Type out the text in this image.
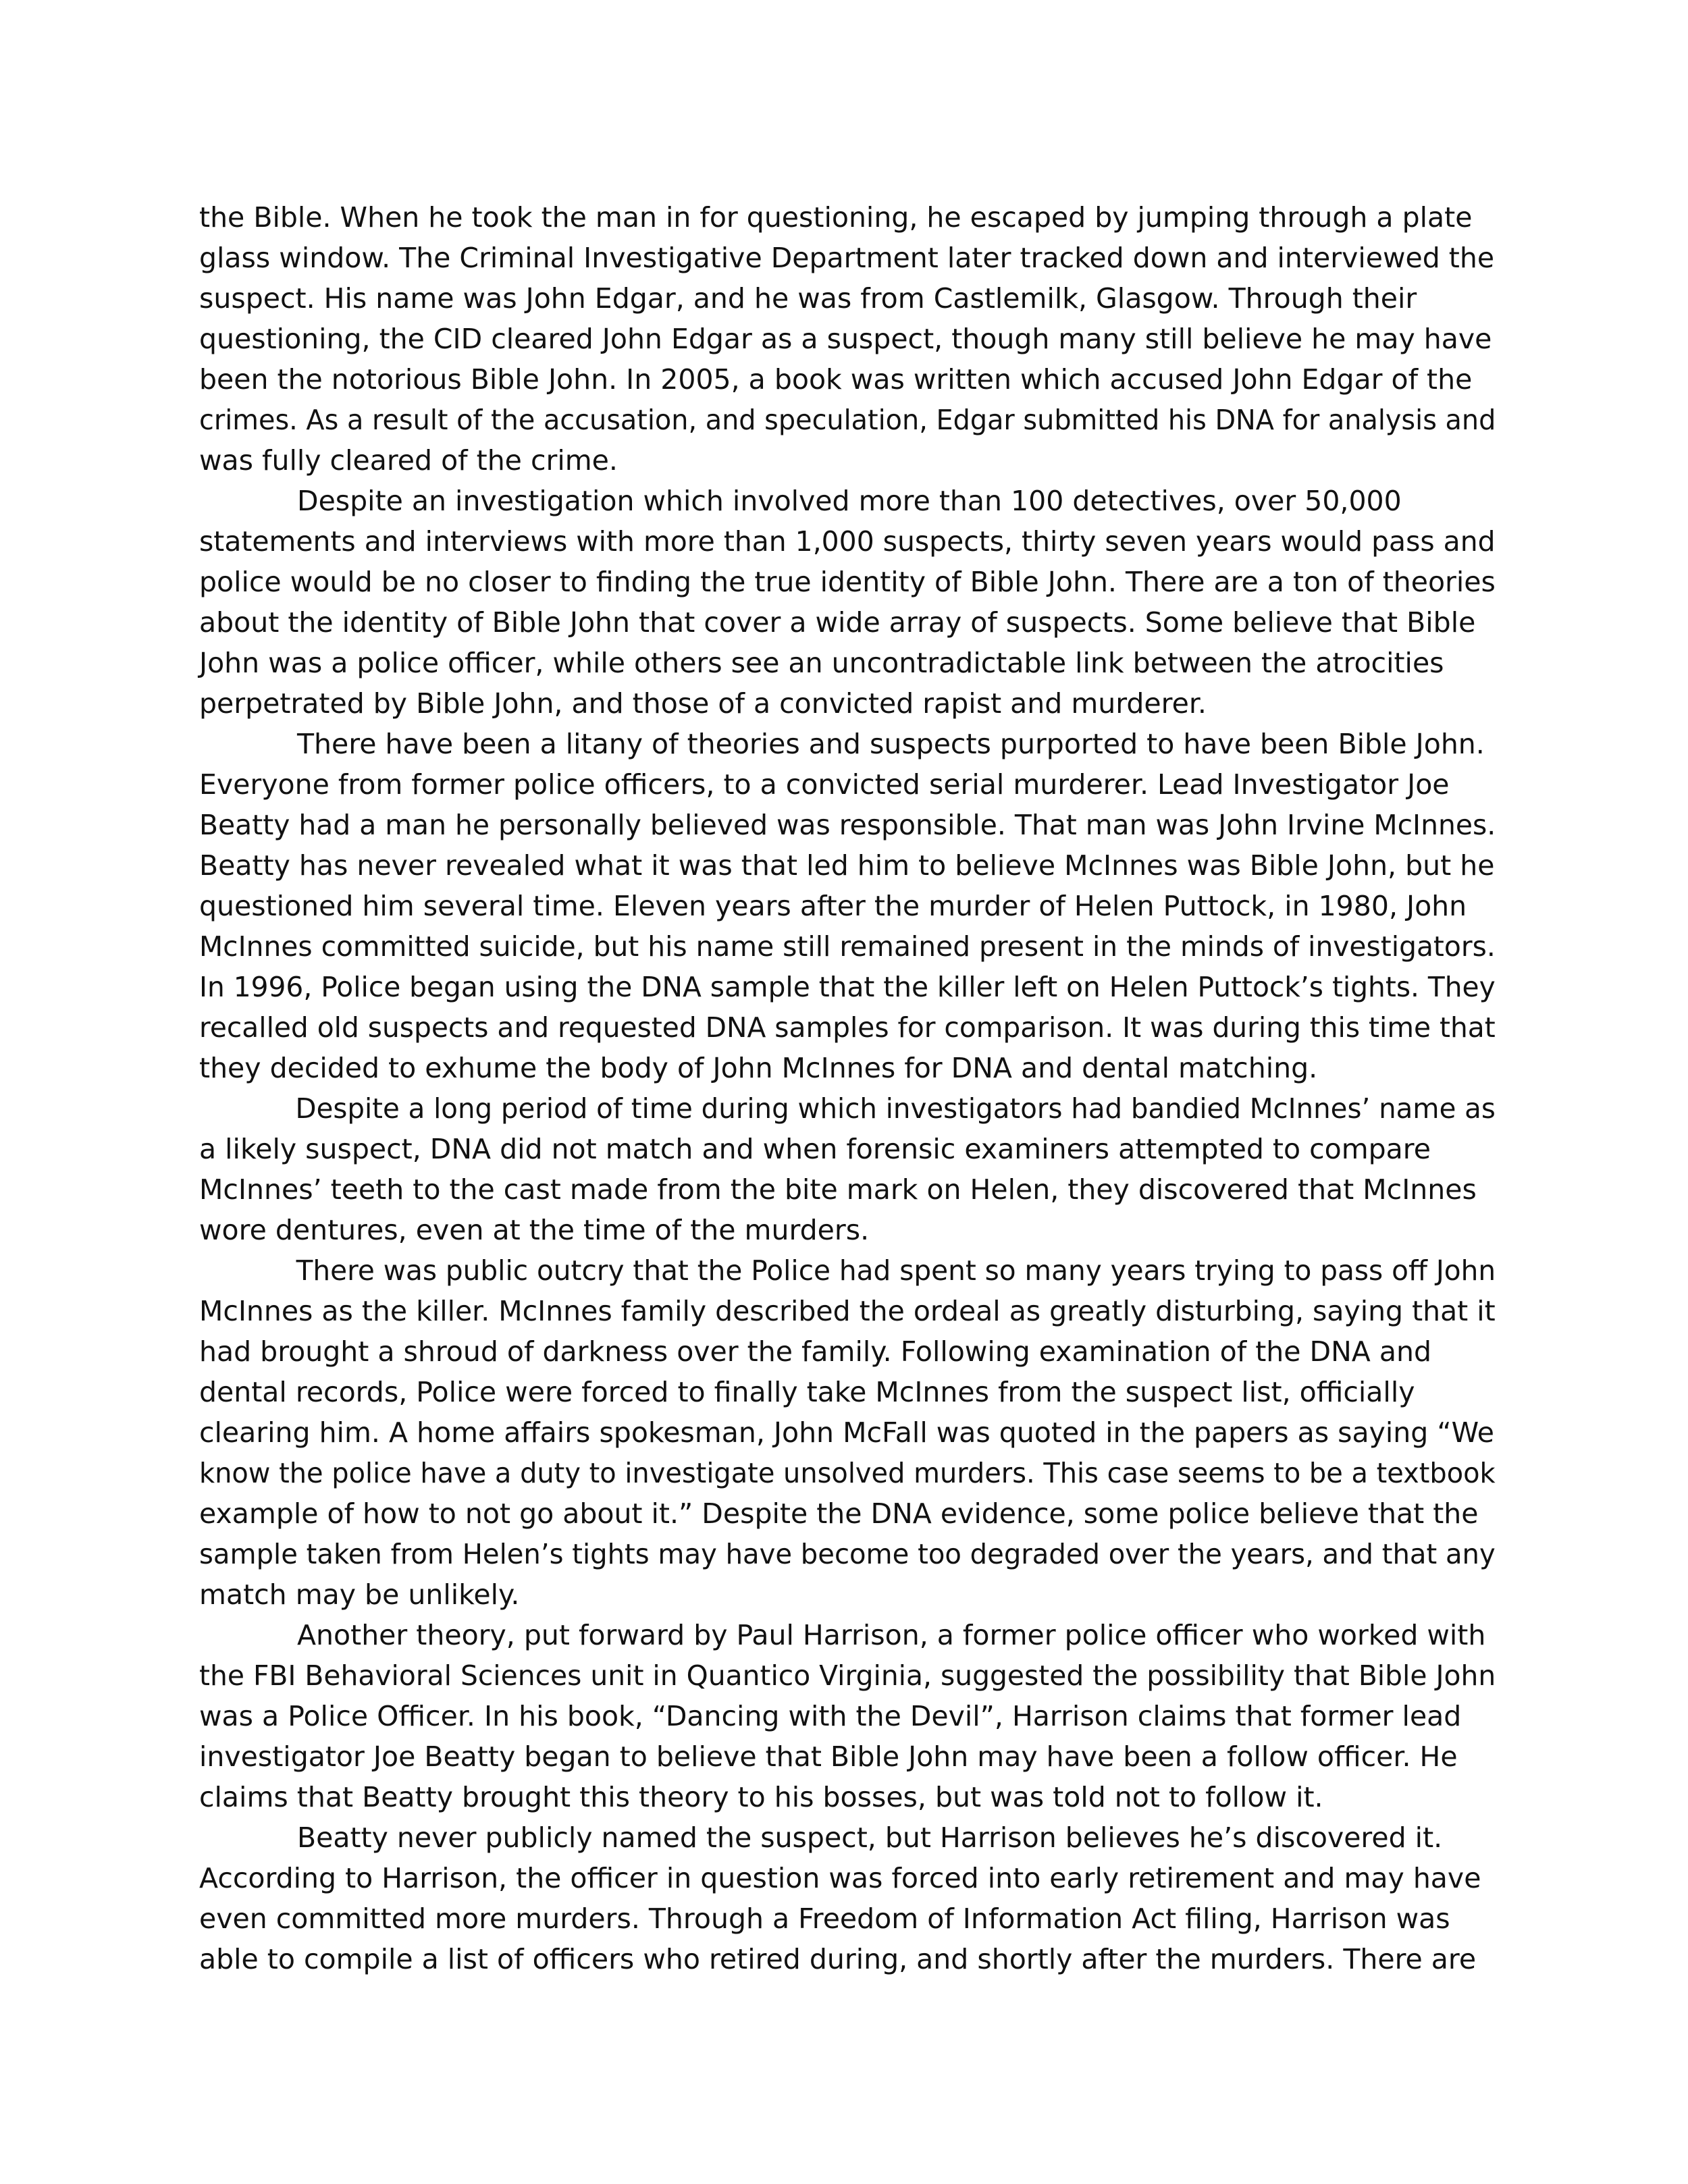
the Bible. When he took the man in for questioning, he escaped by jumping through a plate
glass window. The Criminal Investigative Department later tracked down and interviewed the
suspect. His name was John Edgar, and he was from Castlemilk, Glasgow. Through their
questioning, the CID cleared John Edgar as a suspect, though many still believe he may have
been the notorious Bible John. In 2005, a book was written which accused John Edgar of the
crimes. As a result of the accusation, and speculation, Edgar submitted his DNA for analysis and
was fully cleared of the crime.
Despite an investigation which involved more than 100 detectives, over 50,000
statements and interviews with more than 1,000 suspects, thirty seven years would pass and
police would be no closer to finding the true identity of Bible John. There are a ton of theories
about the identity of Bible John that cover a wide array of suspects. Some believe that Bible
John was a police officer, while others see an uncontradictable link between the atrocities
perpetrated by Bible John, and those of a convicted rapist and murderer.
There have been a litany of theories and suspects purported to have been Bible John.
Everyone from former police officers, to a convicted serial murderer. Lead Investigator Joe
Beatty had a man he personally believed was responsible. That man was John Irvine McInnes.
Beatty has never revealed what it was that led him to believe McInnes was Bible John, but he
questioned him several time. Eleven years after the murder of Helen Puttock, in 1980, John
McInnes committed suicide, but his name still remained present in the minds of investigators.
In 1996, Police began using the DNA sample that the killer left on Helen Puttock’s tights. They
recalled old suspects and requested DNA samples for comparison. It was during this time that
they decided to exhume the body of John McInnes for DNA and dental matching.
Despite a long period of time during which investigators had bandied McInnes’ name as
a likely suspect, DNA did not match and when forensic examiners attempted to compare
McInnes’ teeth to the cast made from the bite mark on Helen, they discovered that McInnes
wore dentures, even at the time of the murders.
There was public outcry that the Police had spent so many years trying to pass off John
McInnes as the killer. McInnes family described the ordeal as greatly disturbing, saying that it
had brought a shroud of darkness over the family. Following examination of the DNA and
dental records, Police were forced to finally take McInnes from the suspect list, officially
clearing him. A home affairs spokesman, John McFall was quoted in the papers as saying “We
know the police have a duty to investigate unsolved murders. This case seems to be a textbook
example of how to not go about it.” Despite the DNA evidence, some police believe that the
sample taken from Helen’s tights may have become too degraded over the years, and that any
match may be unlikely.
Another theory, put forward by Paul Harrison, a former police officer who worked with
the FBI Behavioral Sciences unit in Quantico Virginia, suggested the possibility that Bible John
was a Police Officer. In his book, “Dancing with the Devil”, Harrison claims that former lead
investigator Joe Beatty began to believe that Bible John may have been a follow officer. He
claims that Beatty brought this theory to his bosses, but was told not to follow it.
Beatty never publicly named the suspect, but Harrison believes he’s discovered it.
According to Harrison, the officer in question was forced into early retirement and may have
even committed more murders. Through a Freedom of Information Act filing, Harrison was
able to compile a list of officers who retired during, and shortly after the murders. There are
